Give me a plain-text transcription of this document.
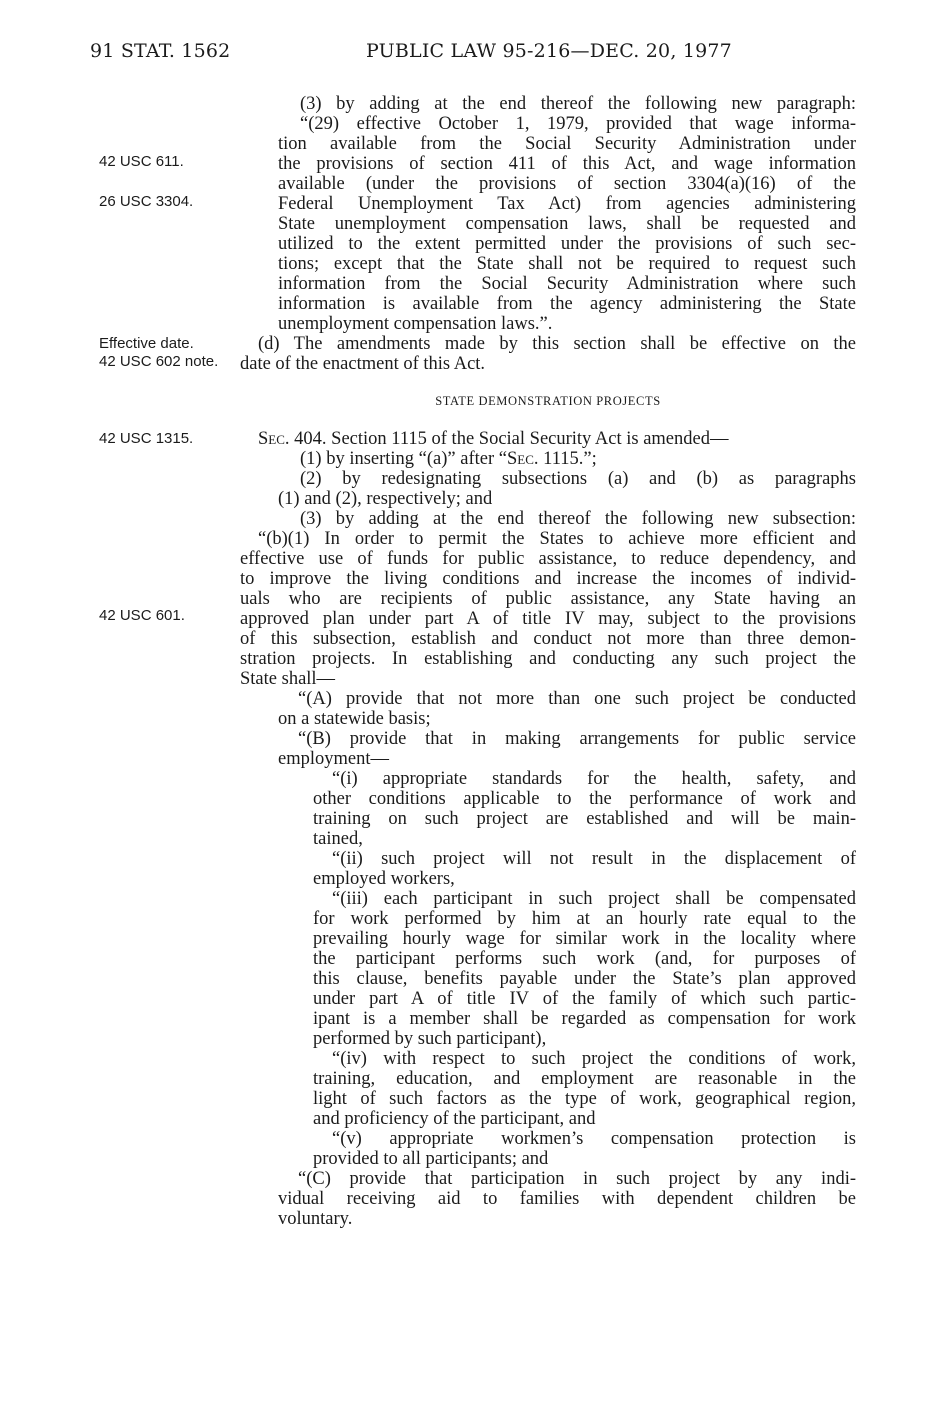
91 STAT. 1562	PUBLIC LAW 95-216—DEC. 20, 1977
42 USC 611.
26 USC 3304.
Effective date.
42 USC 602 note.
42 USC 1315.
42 USC 601.
STATE DEMONSTRATION PROJECTS
(3) by adding at the end thereof the following new paragraph:
“(29) effective October 1, 1979, provided that wage informa-
tion available from the Social Security Administration under
the provisions of section 411 of this Act, and wage information
available (under the provisions of section 3304(a)(16) of the
Federal Unemployment Tax Act) from agencies administering
State unemployment compensation laws, shall be requested and
utilized to the extent permitted under the provisions of such sec-
tions; except that the State shall not be required to request such
information from the Social Security Administration where such
information is available from the agency administering the State
unemployment compensation laws.”.
(d) The amendments made by this section shall be effective on the
date of the enactment of this Act.
Sec. 404. Section 1115 of the Social Security Act is amended—
(1) by inserting “(a)” after “Sec. 1115.”;
(2) by redesignating subsections (a) and (b) as paragraphs
(1) and (2), respectively; and
(3) by adding at the end thereof the following new subsection:
“(b)(1) In order to permit the States to achieve more efficient and
effective use of funds for public assistance, to reduce dependency, and
to improve the living conditions and increase the incomes of individ-
uals who are recipients of public assistance, any State having an
approved plan under part A of title IV may, subject to the provisions
of this subsection, establish and conduct not more than three demon-
stration projects. In establishing and conducting any such project the
State shall—
“(A) provide that not more than one such project be conducted
on a statewide basis;
“(B) provide that in making arrangements for public service
employment—
“(i) appropriate standards for the health, safety, and
other conditions applicable to the performance of work and
training on such project are established and will be main-
tained,
“(ii) such project will not result in the displacement of
employed workers,
“(iii) each participant in such project shall be compensated
for work performed by him at an hourly rate equal to the
prevailing hourly wage for similar work in the locality where
the participant performs such work (and, for purposes of
this clause, benefits payable under the State’s plan approved
under part A of title IV of the family of which such partic-
ipant is a member shall be regarded as compensation for work
performed by such participant),
“(iv) with respect to such project the conditions of work,
training, education, and employment are reasonable in the
light of such factors as the type of work, geographical region,
and proficiency of the participant, and
“(v) appropriate workmen’s compensation protection is
provided to all participants; and
“(C) provide that participation in such project by any indi-
vidual receiving aid to families with dependent children be
voluntary.
